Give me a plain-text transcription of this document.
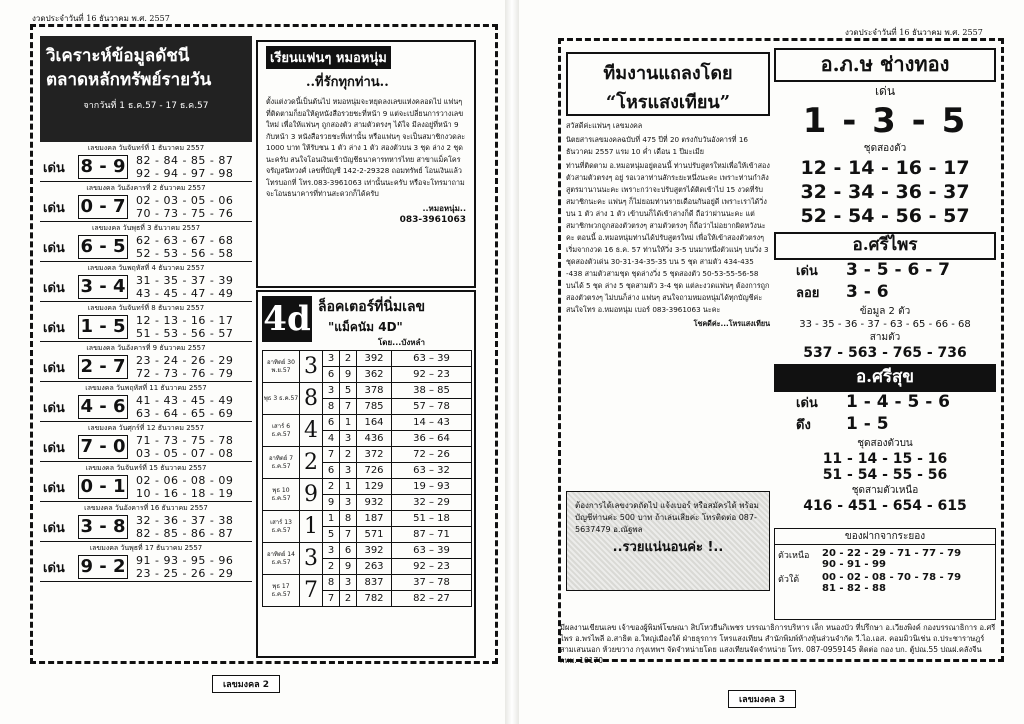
งวดประจำวันที่ 16 ธันวาคม พ.ศ. 2557
วิเคราะห์ข้อมูลดัชนี
ตลาดหลักทรัพย์รายวัน
จากวันที่ 1 ธ.ค.57 - 17 ธ.ค.57
เลขมงคล วันจันทร์ที่ 1 ธันวาคม 2557
เด่น 8 - 9 82 - 84 - 85 - 87
92 - 94 - 97 - 98
เลขมงคล วันอังคารที่ 2 ธันวาคม 2557
เด่น 0 - 7 02 - 03 - 05 - 06
70 - 73 - 75 - 76
เลขมงคล วันพุธที่ 3 ธันวาคม 2557
เด่น 6 - 5 62 - 63 - 67 - 68
52 - 53 - 56 - 58
เลขมงคล วันพฤหัสที่ 4 ธันวาคม 2557
เด่น 3 - 4 31 - 35 - 37 - 39
43 - 45 - 47 - 49
เลขมงคล วันจันทร์ที่ 8 ธันวาคม 2557
เด่น 1 - 5 12 - 13 - 16 - 17
51 - 53 - 56 - 57
เลขมงคล วันอังคารที่ 9 ธันวาคม 2557
เด่น 2 - 7 23 - 24 - 26 - 29
72 - 73 - 76 - 79
เลขมงคล วันพฤหัสที่ 11 ธันวาคม 2557
เด่น 4 - 6 41 - 43 - 45 - 49
63 - 64 - 65 - 69
เลขมงคล วันศุกร์ที่ 12 ธันวาคม 2557
เด่น 7 - 0 71 - 73 - 75 - 78
03 - 05 - 07 - 08
เลขมงคล วันจันทร์ที่ 15 ธันวาคม 2557
เด่น 0 - 1 02 - 06 - 08 - 09
10 - 16 - 18 - 19
เลขมงคล วันอังคารที่ 16 ธันวาคม 2557
เด่น 3 - 8 32 - 36 - 37 - 38
82 - 85 - 86 - 87
เลขมงคล วันพุธที่ 17 ธันวาคม 2557
เด่น 9 - 2 91 - 93 - 95 - 96
23 - 25 - 26 - 29
เรียนแฟนๆ หมอหนุ่ม
..ที่รักทุกท่าน..
ตั้งแต่งวดนี้เป็นต้นไป หมอหนุ่มจะหยุดลงเลขแห่งคลอดไป แฟนๆ ที่ติดตามก็ยอให้ดูหนังสือรวยชะที่หน้า 9 แต่จะเปลี่ยนการวางเลขใหม่ เพื่อให้แฟนๆ ถูกสองตัว สามตัวตรงๆ ได้ใจ มีลงอยู่ที่หน้า 9 กับหน้า 3 หนังสือรวยชะที่เท่านั้น หรือแฟนๆ จะเป็นสมาชิกงวดละ 1000 บาท ให้รับชน 1 ตัว ล่าง 1 ตัว สองตัวบน 3 ชุด ล่าง 2 ชุด นะครับ สนใจโอนเงินเข้าบัญชีธนาคารทหารไทย สาขาแม็คโครจรัญสนิทวงศ์ เลขที่บัญชี 142-2-29328 ถอมทรัพย์ โอนเงินแล้วโทรบอกที่ โทร.083-3961063 เท่านั้นนะครับ หรือจะโทรมาถามจะโอนธนาคารที่ท่านสะดวกก็ได้ครับ
..หมอหนุ่ม..
083-3961063
4d ล็อคเตอร์ที่นิ่มเลข
"แม็คนัม 4D"
โดย...บังหลำ
อาทิตย์ 30 พ.ย.57	3	3	2	392	63 – 39
		6	9	362	92 – 23
พุธ 3 ธ.ค.57	8	3	5	378	38 – 85
		8	7	785	57 – 78
เสาร์ 6 ธ.ค.57	4	6	1	164	14 – 43
		4	3	436	36 – 64
อาทิตย์ 7 ธ.ค.57	2	7	2	372	72 – 26
		6	3	726	63 – 32
พุธ 10 ธ.ค.57	9	2	1	129	19 – 93
		9	3	932	32 – 29
เสาร์ 13 ธ.ค.57	1	1	8	187	51 – 18
		5	7	571	87 – 71
อาทิตย์ 14 ธ.ค.57	3	3	6	392	63 – 39
		2	9	263	92 – 23
พุธ 17 ธ.ค.57	7	8	3	837	37 – 78
		7	2	782	82 – 27
เลขมงคล 2
งวดประจำวันที่ 16 ธันวาคม พ.ศ. 2557
ทีมงานแถลงโดย
“โหรแสงเทียน”

สวัสดีค่ะแฟนๆ เลขมงคล

นิตยสารเลขมงคลฉบับที่ 475 ปีที่ 20 ตรงกับวันอังคารที่ 16 ธันวาคม 2557 แรม 10 ค่ำ เดือน 1 ปีมะเมีย

ท่านที่ติดตาม อ.หมอหนุ่มอยู่ตอนนี้ ท่านปรับสูตรใหม่เพื่อให้เข้าสองตัวสามตัวตรงๆ อยู่ รอเวลาท่านสักระยะหนึ่งนะคะ เพราะท่านกำลังสูตรมานานนะคะ เพราะกว่าจะปรับสูตรได้ติดเข้าไป 15 งวดที่รับสมาชิกนะคะ แฟนๆ ก็ไม่ยอมท่านรายเดือนกันอยู่ดี เพราะเราได้วิ่งบน 1 ตัว ล่าง 1 ตัว เข้าบนก็ได้เข้าล่างก็ดี ถือว่าผ่านนะคะ แต่สมาชิกพวกถูกสองตัวตรงๆ สามตัวตรงๆ ก็ถือว่าไม่อยากผิดหวังนะคะ ตอนนี้ อ.หมอหนุ่มท่านได้ปรับสูตรใหม่ เพื่อให้เข้าสองตัวตรงๆ เริ่มจากงวด 16 ธ.ค. 57 ท่านให้วิ่ง 3-5 บนมาหนึ่งตัวแน่ๆ บนวิ่ง 3 ชุดสองตัวเด่น 30-31-34-35-35 บน 5 ชุด สามตัว 434-435 -438 สามตัวสามชุด ชุดล่างวิ่ง 5 ชุดสองตัว 50-53-55-56-58 บนได้ 5 ชุด ล่าง 5 ชุดสามตัว 3-4 ชุด แต่ละงวดแฟนๆ ต้องการถูกสองตัวตรงๆ ไม่บนก็ล่าง แฟนๆ สนใจถามหมอหนุ่มได้ทุกบัญชีค่ะ สนใจโทร อ.หมอหนุ่ม เบอร์ 083-3961063 นะคะ

โชคดีค่ะ...โหรแสงเทียน

ต้องการได้เลขงวดถัดไป แจ้งเบอร์ หรือสมัครได้ พร้อมบัญชีท่านค่ะ 500 บาท ถ้าเล่นเสียค่ะ โทรติดต่อ 087-5637479 อ.ณัฐพล
..รวยแน่นอนค่ะ !..
อ.ภ.ษ ช่างทอง
เด่น
1 - 3 - 5
ชุดสองตัว
12 - 14 - 16 - 17
32 - 34 - 36 - 37
52 - 54 - 56 - 57
อ.ศรีไพร
เด่น 3 - 5 - 6 - 7
ลอย 3 - 6
ข้อมูล 2 ตัว
33 - 35 - 36 - 37 - 63 - 65 - 66 - 68
สามตัว
537 - 563 - 765 - 736
อ.ศรีสุข
เด่น 1 - 4 - 5 - 6
ดึง 1 - 5
ชุดสองตัวบน
11 - 14 - 15 - 16
51 - 54 - 55 - 56
ชุดสามตัวเหนือ
416 - 451 - 654 - 615
ของฝากจากระยอง
ตัวเหนือ	20 - 22 - 29 - 71 - 77 - 79
90 - 91 - 99
ตัวใต้	00 - 02 - 08 - 70 - 78 - 79
81 - 82 - 88
มีผลงานเขียนเลข เจ้าของผู้พิมพ์โฆษณา สิปโหวยืนกิเพชร บรรณาธิการบริหาร เล็ก หนองบัว ที่ปรึกษา อ.เวียงพิงค์ กองบรรณาธิการ อ.ศรีไพร อ.พรไพลี อ.สาธิต อ.ใหญ่เมืองใต้ ฝ่ายธุรการ โหรแสงเทียน สำนักพิมพ์ห้างหุ้นส่วนจำกัด วี.ไอ.เอส. คอมมิวนิเช่น ถ.ประชาราษฎร์ สามเสนนอก ห้วยขวาง กรุงเทพฯ จัดจำหน่ายโดย แสงเทียนจัดจำหน่าย โทร. 087-0959145 ติดต่อ กอง บก. ตู้ปณ.55 ปณฝ.คลังจีน กทม. 10170
เลขมงคล 3
